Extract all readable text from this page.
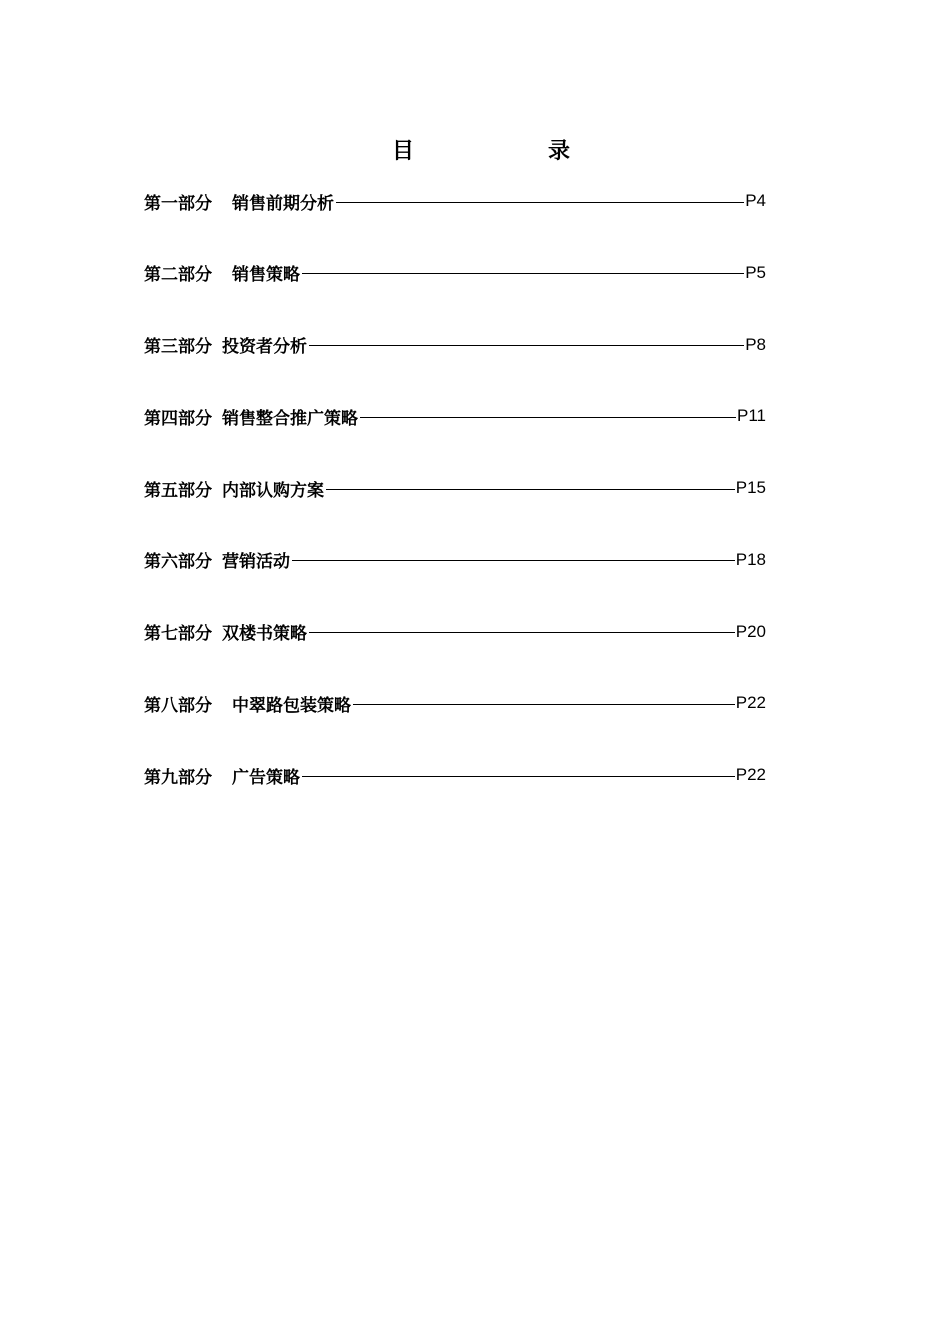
目	录
第一部分 销售前期分析	P4
第二部分 销售策略	P5
第三部分 投资者分析	P8
第四部分 销售整合推广策略	P11
第五部分 内部认购方案	P15
第六部分 营销活动	P18
第七部分 双楼书策略	P20
第八部分 中翠路包装策略	P22
第九部分 广告策略	P22
